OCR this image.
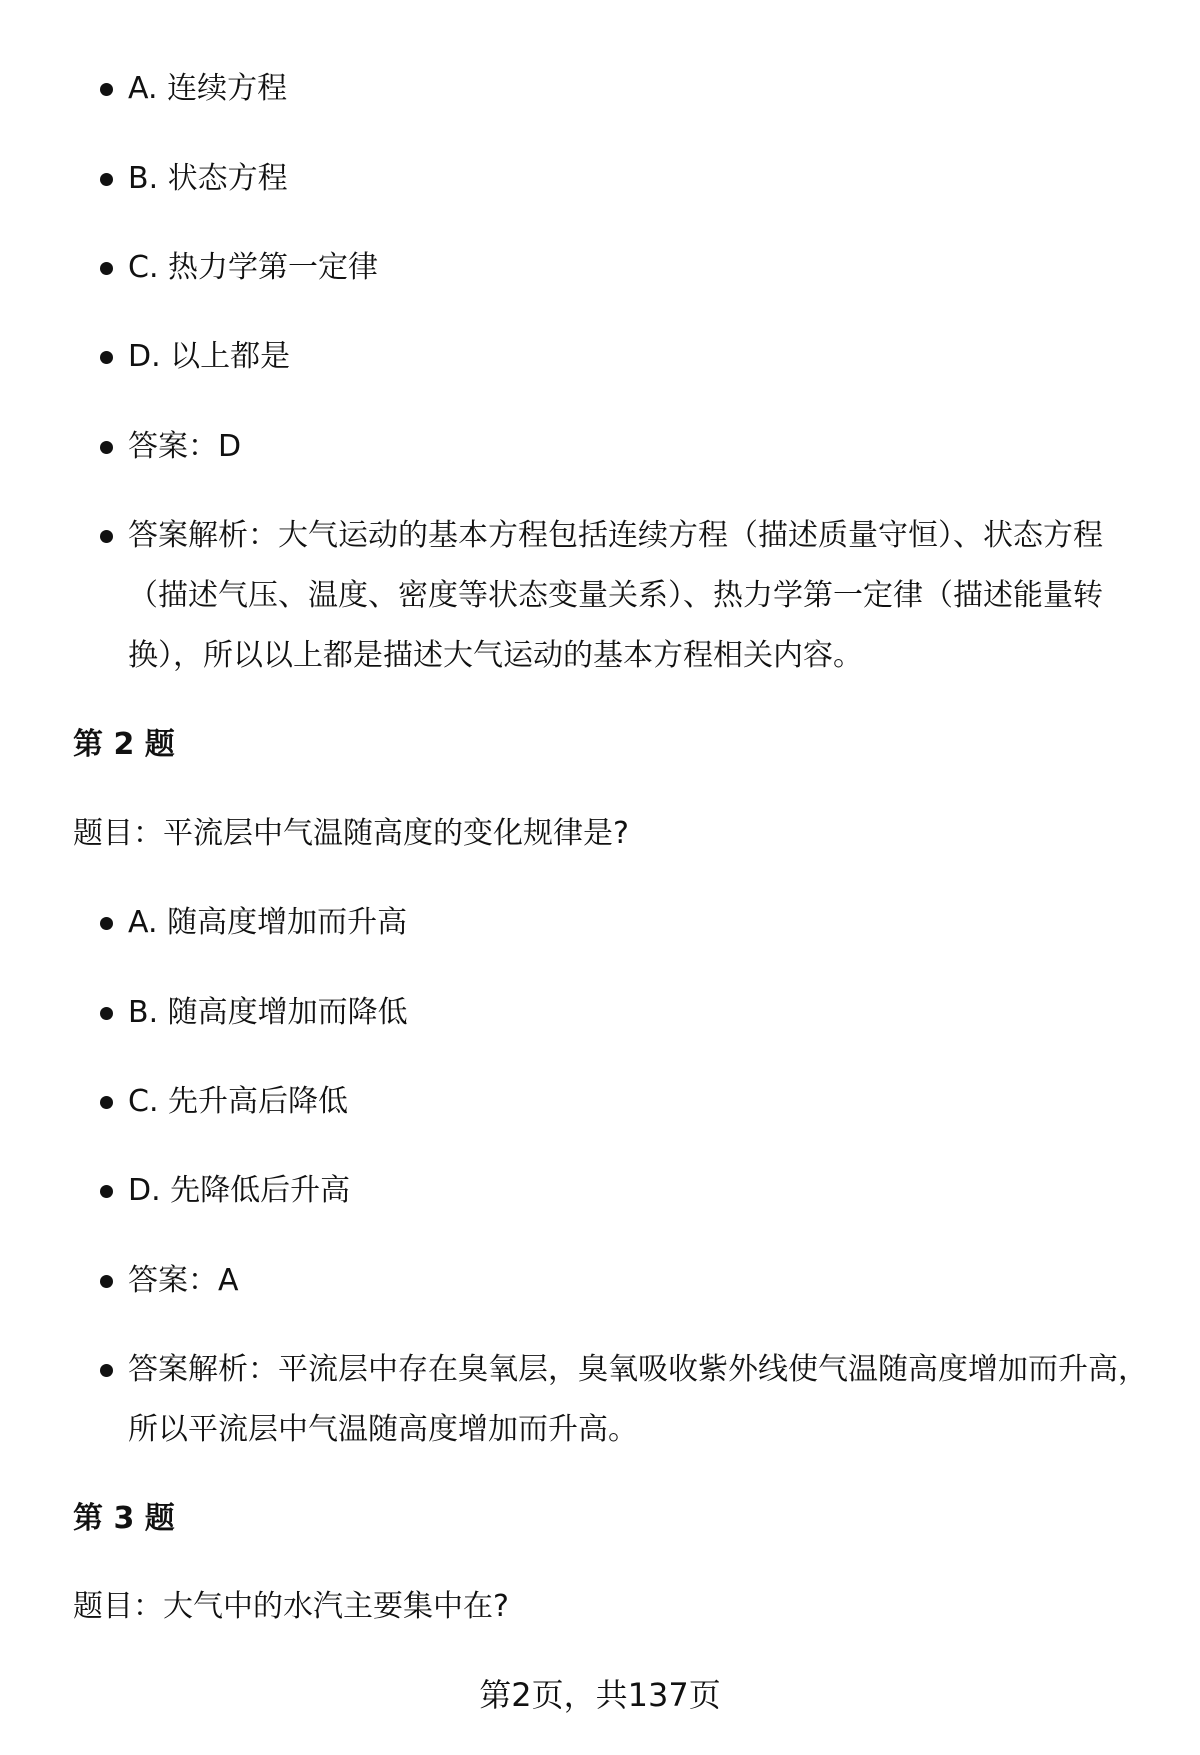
A. 连续方程
B. 状态方程
C. 热力学第一定律
D. 以上都是
答案：D
答案解析：大气运动的基本方程包括连续方程（描述质量守恒）、状态方程
（描述气压、温度、密度等状态变量关系）、热力学第一定律（描述能量转
换），所以以上都是描述大气运动的基本方程相关内容。
第 2 题
题目：平流层中气温随高度的变化规律是?
A. 随高度增加而升高
B. 随高度增加而降低
C. 先升高后降低
D. 先降低后升高
答案：A
答案解析：平流层中存在臭氧层，臭氧吸收紫外线使气温随高度增加而升高，
所以平流层中气温随高度增加而升高。
第 3 题
题目：大气中的水汽主要集中在?
第2页，共137页
